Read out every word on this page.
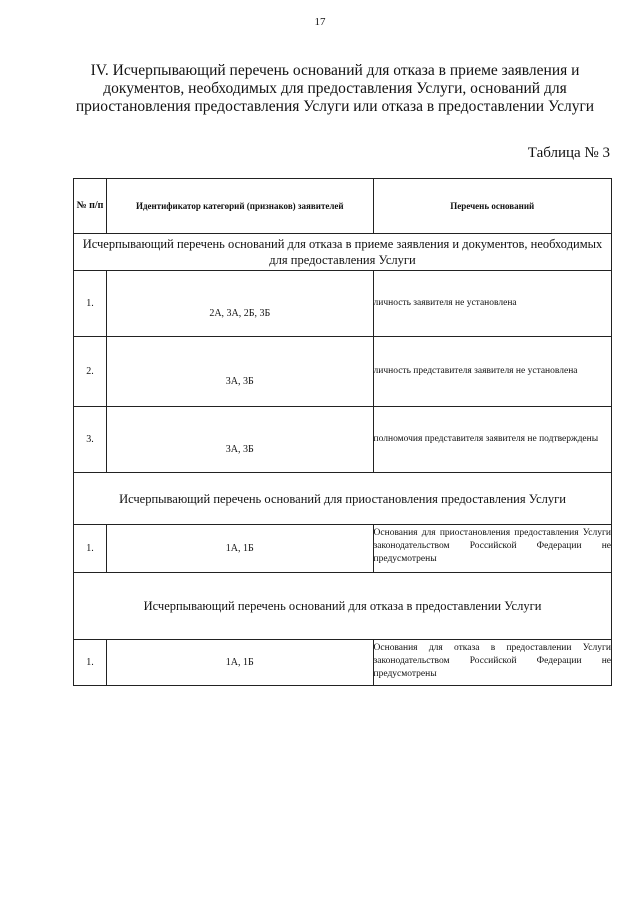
17
IV. Исчерпывающий перечень оснований для отказа в приеме заявления и документов, необходимых для предоставления Услуги, оснований для приостановления предоставления Услуги или отказа в предоставлении Услуги
Таблица № 3
№ п/п	Идентификатор категорий (признаков) заявителей	Перечень оснований
Исчерпывающий перечень оснований для отказа в приеме заявления и документов, необходимых для предоставления Услуги		
1.	2А, 3А, 2Б, 3Б	личность заявителя не установлена
2.	3А, 3Б	личность представителя заявителя не установлена
3.	3А, 3Б	полномочия представителя заявителя не подтверждены
Исчерпывающий перечень оснований для приостановления предоставления Услуги		
1.	1А, 1Б	Основания для приостановления предоставления Услуги законодательством Российской Федерации не предусмотрены
Исчерпывающий перечень оснований для отказа в предоставлении Услуги		
1.	1А, 1Б	Основания для отказа в предоставлении Услуги законодательством Российской Федерации не предусмотрены
